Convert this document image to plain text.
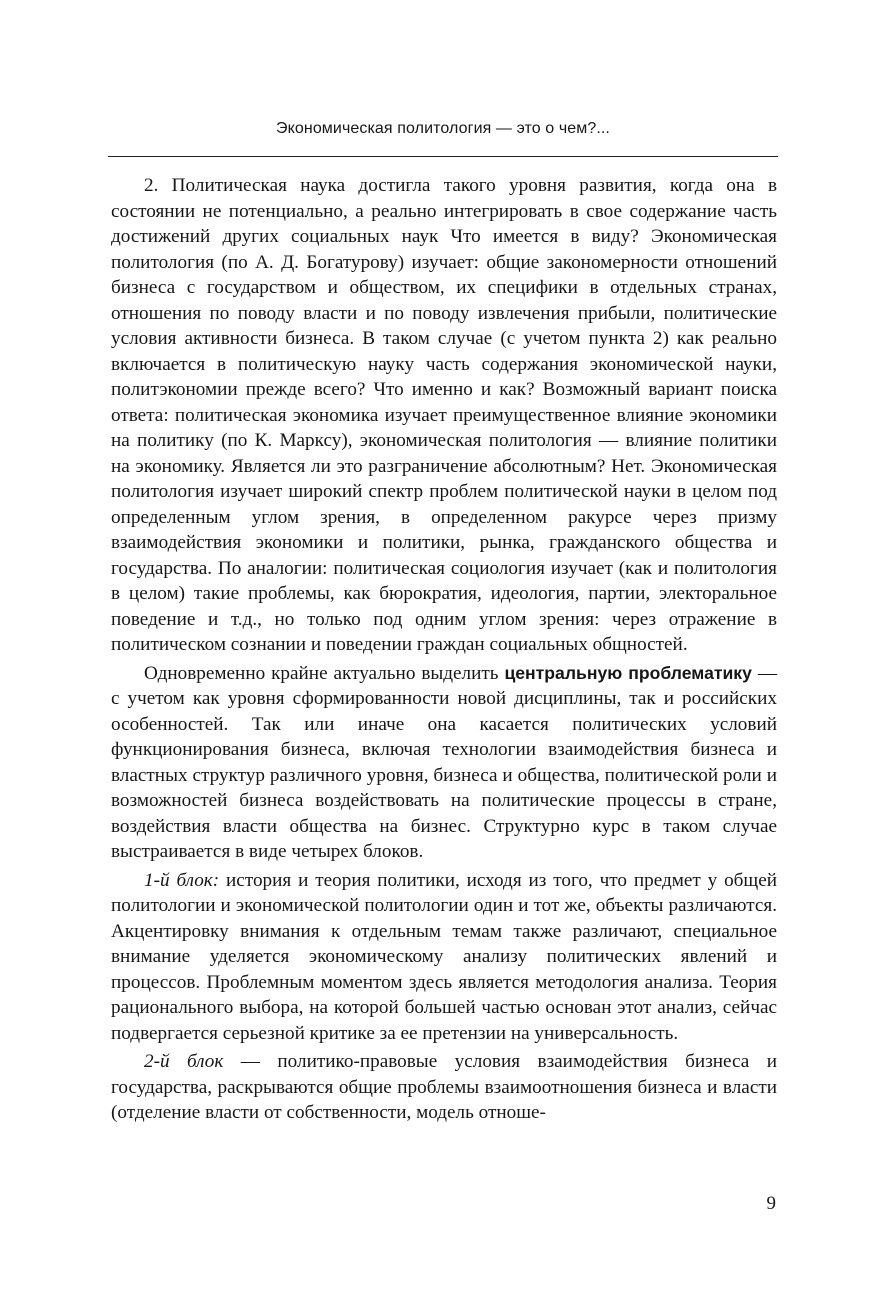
Экономическая политология — это о чем?...

2. Политическая наука достигла такого уровня развития, когда она в состоянии не потенциально, а реально интегрировать в свое содержание часть достижений других социальных наук Что имеется в виду? Экономическая политология (по А. Д. Богатурову) изучает: общие закономерности отношений бизнеса с государством и обществом, их специфики в отдельных странах, отношения по поводу власти и по поводу извлечения прибыли, политические условия активности бизнеса. В таком случае (с учетом пункта 2) как реально включается в политическую науку часть содержания экономической науки, политэкономии прежде всего? Что именно и как? Возможный вариант поиска ответа: политическая экономика изучает преимущественное влияние экономики на политику (по К. Марксу), экономическая политология — влияние политики на экономику. Является ли это разграничение абсолютным? Нет. Экономическая политология изучает широкий спектр проблем политической науки в целом под определенным углом зрения, в определенном ракурсе через призму взаимодействия экономики и политики, рынка, гражданского общества и государства. По аналогии: политическая социология изучает (как и политология в целом) такие проблемы, как бюрократия, идеология, партии, электоральное поведение и т.д., но только под одним углом зрения: через отражение в политическом сознании и поведении граждан социальных общностей.

Одновременно крайне актуально выделить центральную проблематику — с учетом как уровня сформированности новой дисциплины, так и российских особенностей. Так или иначе она касается политических условий функционирования бизнеса, включая технологии взаимодействия бизнеса и властных структур различного уровня, бизнеса и общества, политической роли и возможностей бизнеса воздействовать на политические процессы в стране, воздействия власти общества на бизнес. Структурно курс в таком случае выстраивается в виде четырех блоков.

1-й блок: история и теория политики, исходя из того, что предмет у общей политологии и экономической политологии один и тот же, объекты различаются. Акцентировку внимания к отдельным темам также различают, специальное внимание уделяется экономическому анализу политических явлений и процессов. Проблемным моментом здесь является методология анализа. Теория рационального выбора, на которой большей частью основан этот анализ, сейчас подвергается серьезной критике за ее претензии на универсальность.

2-й блок — политико-правовые условия взаимодействия бизнеса и государства, раскрываются общие проблемы взаимоотношения бизнеса и власти (отделение власти от собственности, модель отноше-

9
